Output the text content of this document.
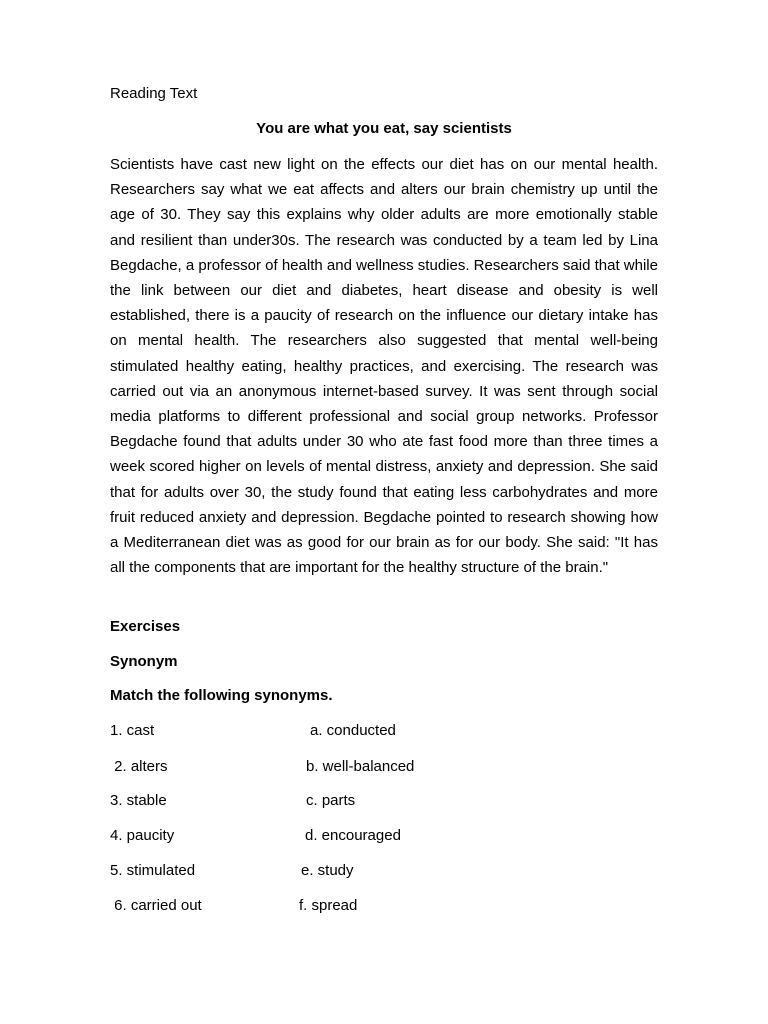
Reading Text
You are what you eat, say scientists

Scientists have cast new light on the effects our diet has on our mental health. Researchers say what we eat affects and alters our brain chemistry up until the age of 30. They say this explains why older adults are more emotionally stable and resilient than under30s. The research was conducted by a team led by Lina Begdache, a professor of health and wellness studies. Researchers said that while the link between our diet and diabetes, heart disease and obesity is well established, there is a paucity of research on the influence our dietary intake has on mental health. The researchers also suggested that mental well-being stimulated healthy eating, healthy practices, and exercising. The research was carried out via an anonymous internet-based survey. It was sent through social media platforms to different professional and social group networks. Professor Begdache found that adults under 30 who ate fast food more than three times a week scored higher on levels of mental distress, anxiety and depression. She said that for adults over 30, the study found that eating less carbohydrates and more fruit reduced anxiety and depression. Begdache pointed to research showing how a Mediterranean diet was as good for our brain as for our body. She said: "It has all the components that are important for the healthy structure of the brain."

Exercises
Synonym
Match the following synonyms.
1. cast	a. conducted
2. alters	b. well-balanced
3. stable	c. parts
4. paucity	d. encouraged
5. stimulated	e. study
6. carried out	f. spread
